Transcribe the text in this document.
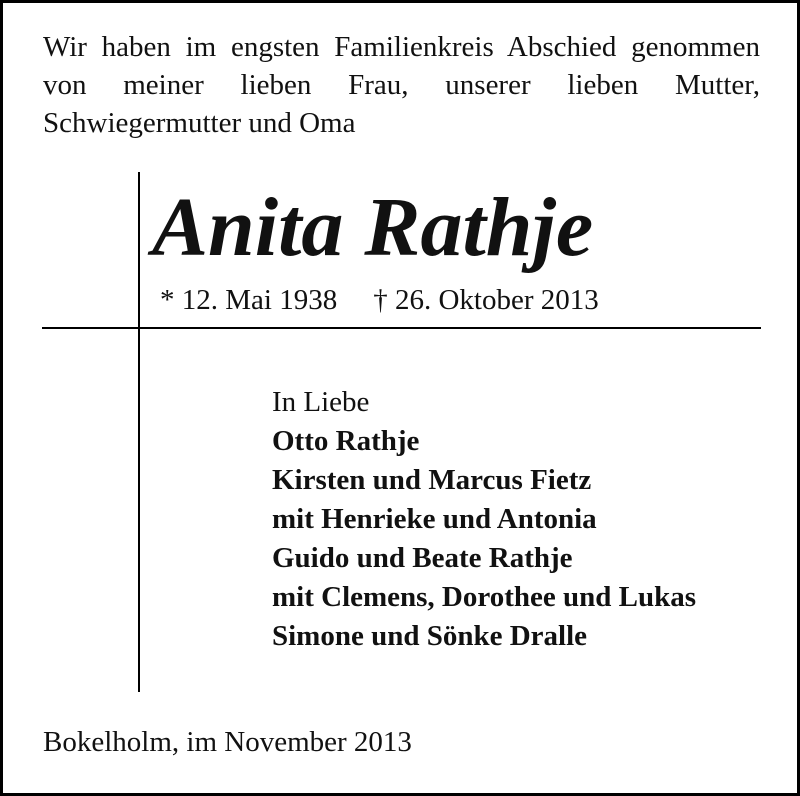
Wir haben im engsten Familienkreis Abschied genommen von meiner lieben Frau, unserer lieben Mutter, Schwiegermutter und Oma

Anita Rathje
* 12. Mai 1938 † 26. Oktober 2013
In Liebe
Otto Rathje
Kirsten und Marcus Fietz
mit Henrieke und Antonia
Guido und Beate Rathje
mit Clemens, Dorothee und Lukas
Simone und Sönke Dralle

Bokelholm, im November 2013
